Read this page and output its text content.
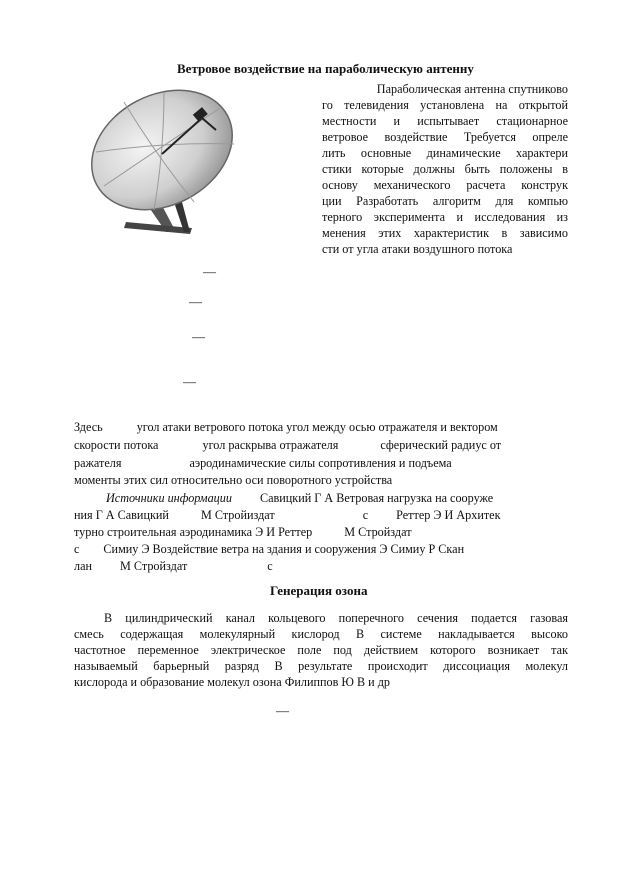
Ветровое воздействие на параболическую антенну
Параболическая антенна спутниково
го телевидения установлена на открытой
местности и испытывает стационарное
ветровое воздействие Требуется опреле
лить основные динамические характери
стики которые должны быть положены в
основу механического расчета конструк
ции Разработать алгоритм для компью
терного эксперимента и исследования из
менения этих характеристик в зависимо
сти от угла атаки воздушного потока
—
—
—
—
Здесь	угол атаки ветрового потока угол между осью отражателя и вектором
скорости потока	угол раскрыва отражателя	сферический радиус от
ражателя	аэродинамические силы сопротивления и подъема
моменты этих сил относительно оси поворотного устройства
Источники информации Савицкий Г А Ветровая нагрузка на сооруже
ния Г А Савицкий	М Стройиздат	с Реттер Э И Архитек
турно строительная аэродинамика Э И Реттер	М Стройздат
с Симиу Э Воздействие ветра на здания и сооружения Э Симиу Р Скан
лан М Стройздат	с
Генерация озона
В цилиндрический канал кольцевого поперечного сечения подается газовая
смесь содержащая молекулярный кислород В системе накладывается высоко
частотное переменное электрическое поле под действием которого возникает так
называемый барьерный разряд В результате происходит диссоциация молекул
кислорода и образование молекул озона Филиппов Ю В и др
—
